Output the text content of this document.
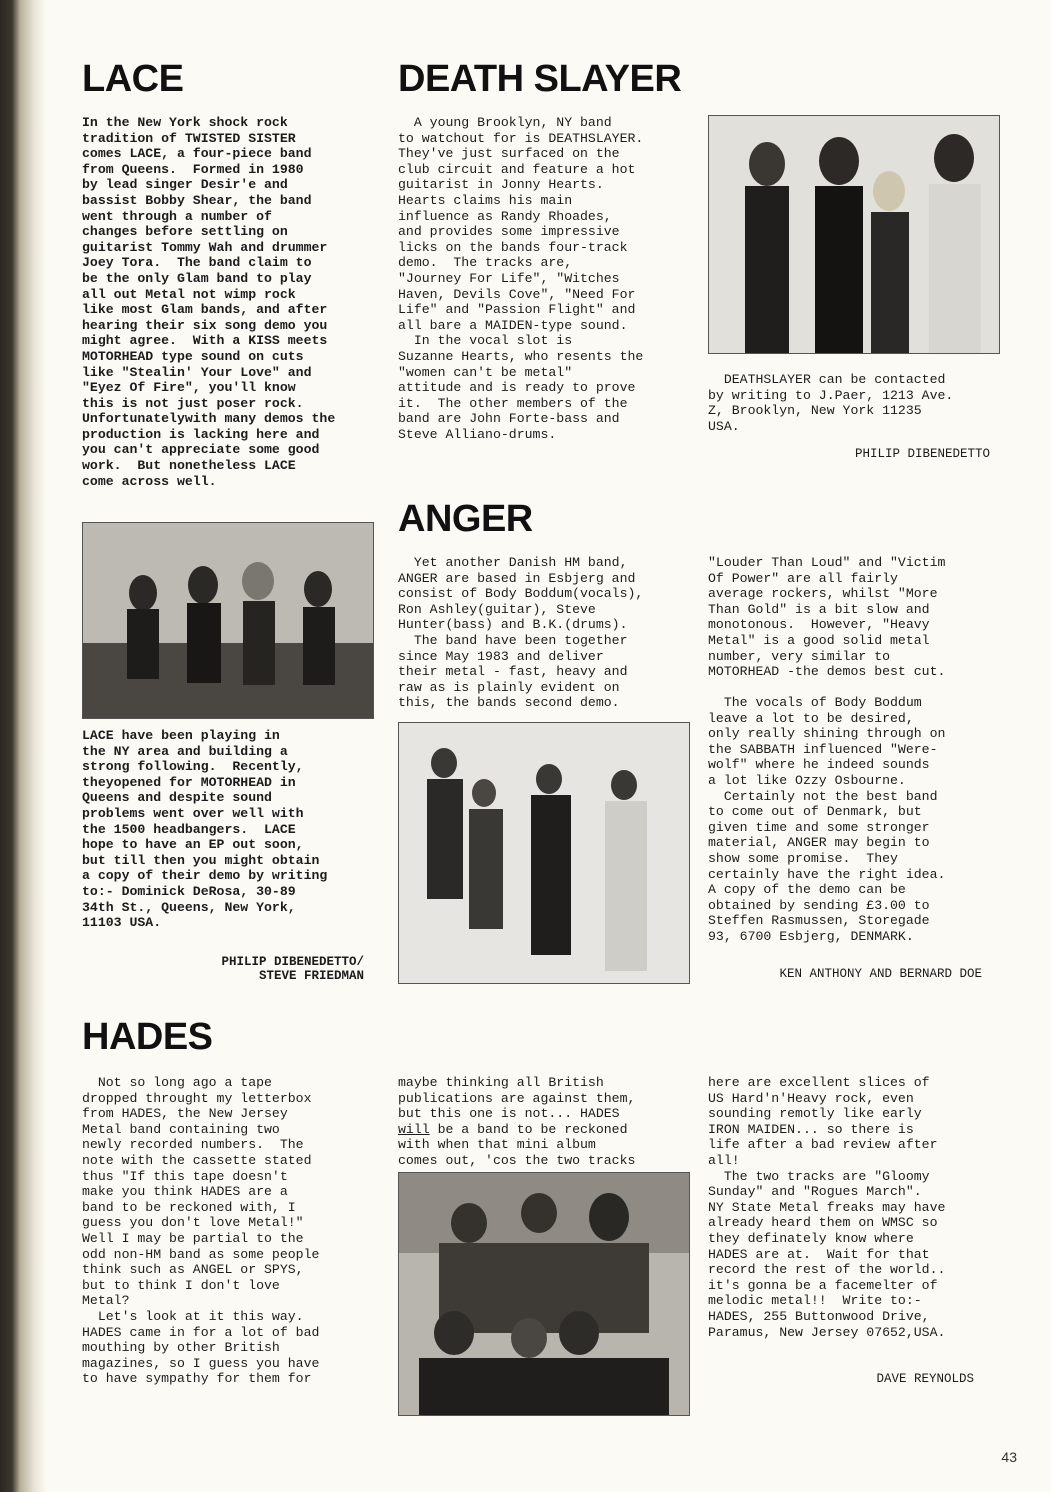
LACE
In the New York shock rock
tradition of TWISTED SISTER
comes LACE, a four-piece band
from Queens.  Formed in 1980
by lead singer Desir'e and
bassist Bobby Shear, the band
went through a number of
changes before settling on
guitarist Tommy Wah and drummer
Joey Tora.  The band claim to
be the only Glam band to play
all out Metal not wimp rock
like most Glam bands, and after
hearing their six song demo you
might agree.  With a KISS meets
MOTORHEAD type sound on cuts
like "Stealin' Your Love" and
"Eyez Of Fire", you'll know
this is not just poser rock.
Unfortunatelywith many demos the
production is lacking here and
you can't appreciate some good
work.  But nonetheless LACE
come across well.
LACE have been playing in
the NY area and building a
strong following.  Recently,
theyopened for MOTORHEAD in
Queens and despite sound
problems went over well with
the 1500 headbangers.  LACE
hope to have an EP out soon,
but till then you might obtain
a copy of their demo by writing
to:- Dominick DeRosa, 30-89
34th St., Queens, New York,
11103 USA.
PHILIP DIBENEDETTO/
STEVE FRIEDMAN
DEATH SLAYER
A young Brooklyn, NY band
to watchout for is DEATHSLAYER.
They've just surfaced on the
club circuit and feature a hot
guitarist in Jonny Hearts.
Hearts claims his main
influence as Randy Rhoades,
and provides some impressive
licks on the bands four-track
demo.  The tracks are,
"Journey For Life", "Witches
Haven, Devils Cove", "Need For
Life" and "Passion Flight" and
all bare a MAIDEN-type sound.
In the vocal slot is
Suzanne Hearts, who resents the
"women can't be metal"
attitude and is ready to prove
it.  The other members of the
band are John Forte-bass and
Steve Alliano-drums.
DEATHSLAYER can be contacted
by writing to J.Paer, 1213 Ave.
Z, Brooklyn, New York 11235
USA.
PHILIP DIBENEDETTO
ANGER
Yet another Danish HM band,
ANGER are based in Esbjerg and
consist of Body Boddum(vocals),
Ron Ashley(guitar), Steve
Hunter(bass) and B.K.(drums).
The band have been together
since May 1983 and deliver
their metal - fast, heavy and
raw as is plainly evident on
this, the bands second demo.
"Louder Than Loud" and "Victim
Of Power" are all fairly
average rockers, whilst "More
Than Gold" is a bit slow and
monotonous.  However, "Heavy
Metal" is a good solid metal
number, very similar to
MOTORHEAD -the demos best cut.
The vocals of Body Boddum
leave a lot to be desired,
only really shining through on
the SABBATH influenced "Were-
wolf" where he indeed sounds
a lot like Ozzy Osbourne.
Certainly not the best band
to come out of Denmark, but
given time and some stronger
material, ANGER may begin to
show some promise.  They
certainly have the right idea.
A copy of the demo can be
obtained by sending £3.00 to
Steffen Rasmussen, Storegade
93, 6700 Esbjerg, DENMARK.
KEN ANTHONY AND BERNARD DOE
HADES
Not so long ago a tape
dropped throught my letterbox
from HADES, the New Jersey
Metal band containing two
newly recorded numbers.  The
note with the cassette stated
thus "If this tape doesn't
make you think HADES are a
band to be reckoned with, I
guess you don't love Metal!"
Well I may be partial to the
odd non-HM band as some people
think such as ANGEL or SPYS,
but to think I don't love
Metal?
Let's look at it this way.
HADES came in for a lot of bad
mouthing by other British
magazines, so I guess you have
to have sympathy for them for
maybe thinking all British
publications are against them,
but this one is not... HADES
will be a band to be reckoned
with when that mini album
comes out, 'cos the two tracks
here are excellent slices of
US Hard'n'Heavy rock, even
sounding remotly like early
IRON MAIDEN... so there is
life after a bad review after
all!
The two tracks are "Gloomy
Sunday" and "Rogues March".
NY State Metal freaks may have
already heard them on WMSC so
they definately know where
HADES are at.  Wait for that
record the rest of the world..
it's gonna be a facemelter of
melodic metal!!  Write to:-
HADES, 255 Buttonwood Drive,
Paramus, New Jersey 07652,USA.
DAVE REYNOLDS
43
